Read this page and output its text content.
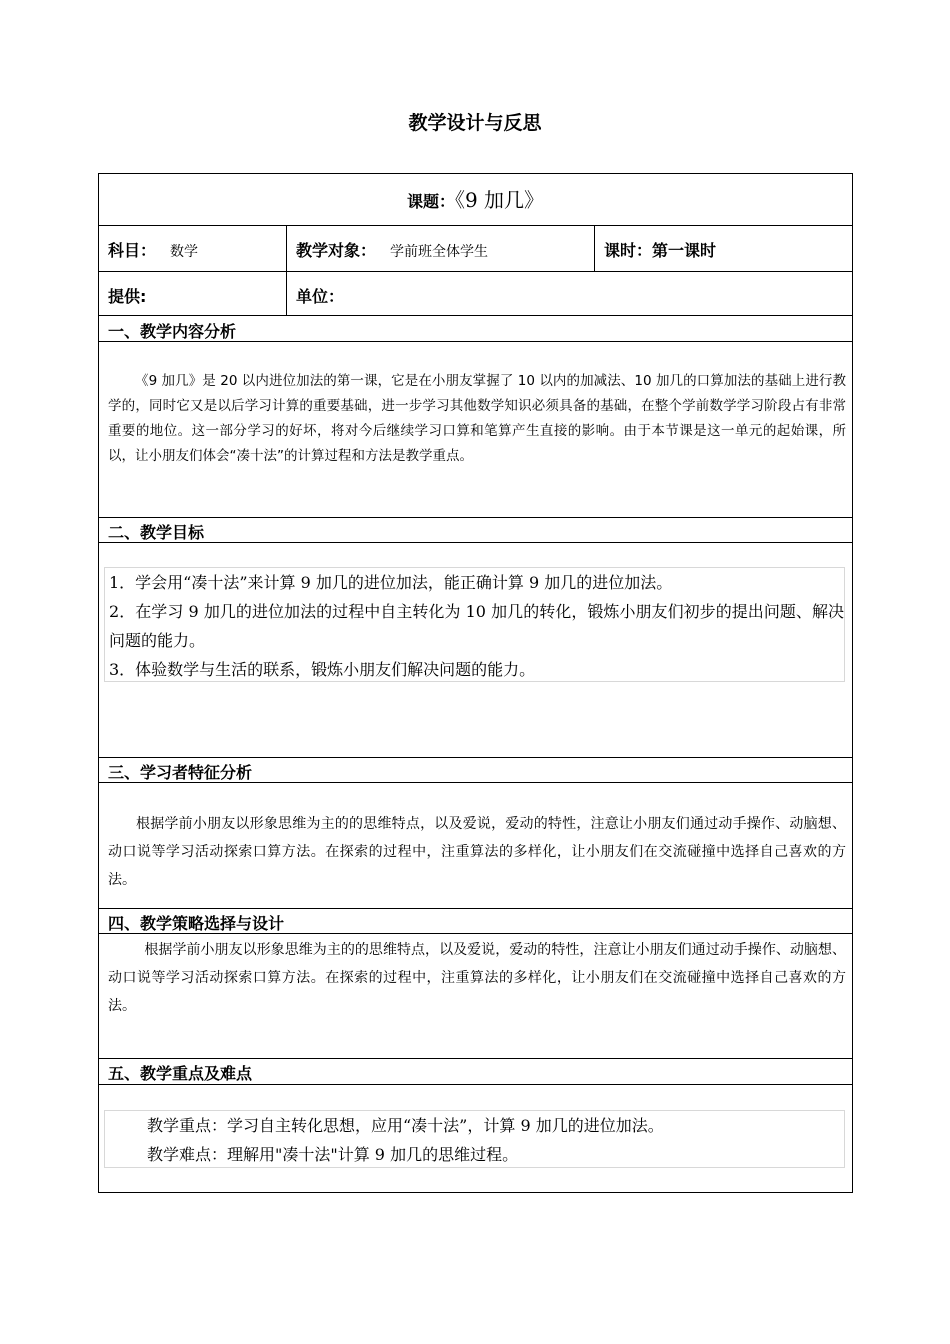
教学设计与反思
课题：《9 加几》
科目： 数学	教学对象： 学前班全体学生	课时：第一课时
提供:	单位：
一、教学内容分析
《9 加几》是 20 以内进位加法的第一课，它是在小朋友掌握了 10 以内的加减法、10 加几的口算加法的基础上进行教学的，同时它又是以后学习计算的重要基础，进一步学习其他数学知识必须具备的基础，在整个学前数学学习阶段占有非常重要的地位。这一部分学习的好坏，将对今后继续学习口算和笔算产生直接的影响。由于本节课是这一单元的起始课，所以，让小朋友们体会“凑十法”的计算过程和方法是教学重点。
二、教学目标
1．学会用“凑十法”来计算 9 加几的进位加法，能正确计算 9 加几的进位加法。
2．在学习 9 加几的进位加法的过程中自主转化为 10 加几的转化，锻炼小朋友们初步的提出问题、解决问题的能力。
3．体验数学与生活的联系，锻炼小朋友们解决问题的能力。
三、学习者特征分析
根据学前小朋友以形象思维为主的的思维特点，以及爱说，爱动的特性，注意让小朋友们通过动手操作、动脑想、动口说等学习活动探索口算方法。在探索的过程中，注重算法的多样化，让小朋友们在交流碰撞中选择自己喜欢的方法。
四、教学策略选择与设计
根据学前小朋友以形象思维为主的的思维特点，以及爱说，爱动的特性，注意让小朋友们通过动手操作、动脑想、动口说等学习活动探索口算方法。在探索的过程中，注重算法的多样化，让小朋友们在交流碰撞中选择自己喜欢的方法。
五、教学重点及难点
教学重点：学习自主转化思想，应用“凑十法”，计算 9 加几的进位加法。
教学难点：理解用"凑十法"计算 9 加几的思维过程。
